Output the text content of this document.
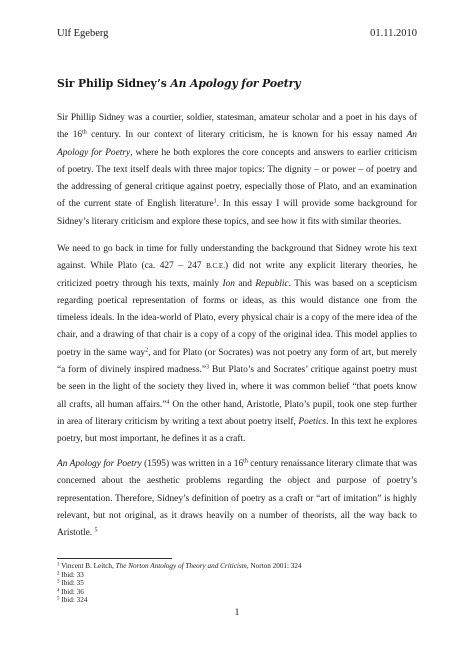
Ulf Egeberg	01.11.2010
Sir Philip Sidney’s An Apology for Poetry

Sir Phillip Sidney was a courtier, soldier, statesman, amateur scholar and a poet in his days of the 16th century. In our context of literary criticism, he is known for his essay named An Apology for Poetry, where he both explores the core concepts and answers to earlier criticism of poetry. The text itself deals with three major topics: The dignity – or power – of poetry and the addressing of general critique against poetry, especially those of Plato, and an examination of the current state of English literature$^1$. In this essay I will provide some background for Sidney’s literary criticism and explore these topics, and see how it fits with similar theories.

We need to go back in time for fully understanding the background that Sidney wrote his text against. While Plato (ca. 427 – 247 B.C.E.) did not write any explicit literary theories, he criticized poetry through his texts, mainly Ion and Republic. This was based on a scepticism regarding poetical representation of forms or ideas, as this would distance one from the timeless ideals. In the idea-world of Plato, every physical chair is a copy of the mere idea of the chair, and a drawing of that chair is a copy of a copy of the original idea. This model applies to poetry in the same way$^2$, and for Plato (or Socrates) was not poetry any form of art, but merely “a form of divinely inspired madness.”$^3$ But Plato’s and Socrates’ critique against poetry must be seen in the light of the society they lived in, where it was common belief “that poets know all crafts, all human affairs.”$^4$ On the other hand, Aristotle, Plato’s pupil, took one step further in area of literary criticism by writing a text about poetry itself, Poetics. In this text he explores poetry, but most important, he defines it as a craft.

An Apology for Poetry (1595) was written in a 16th century renaissance literary climate that was concerned about the aesthetic problems regarding the object and purpose of poetry’s representation. Therefore, Sidney’s definition of poetry as a craft or “art of imitation” is highly relevant, but not original, as it draws heavily on a number of theorists, all the way back to Aristotle. $^5$

$^1$ Vincent B. Leitch, The Norton Antology of Theory and Criticism, Norton 2001: 324
$^2$ Ibid: 33
$^3$ Ibid: 35
$^4$ Ibid: 36
$^5$ Ibid: 324
1
